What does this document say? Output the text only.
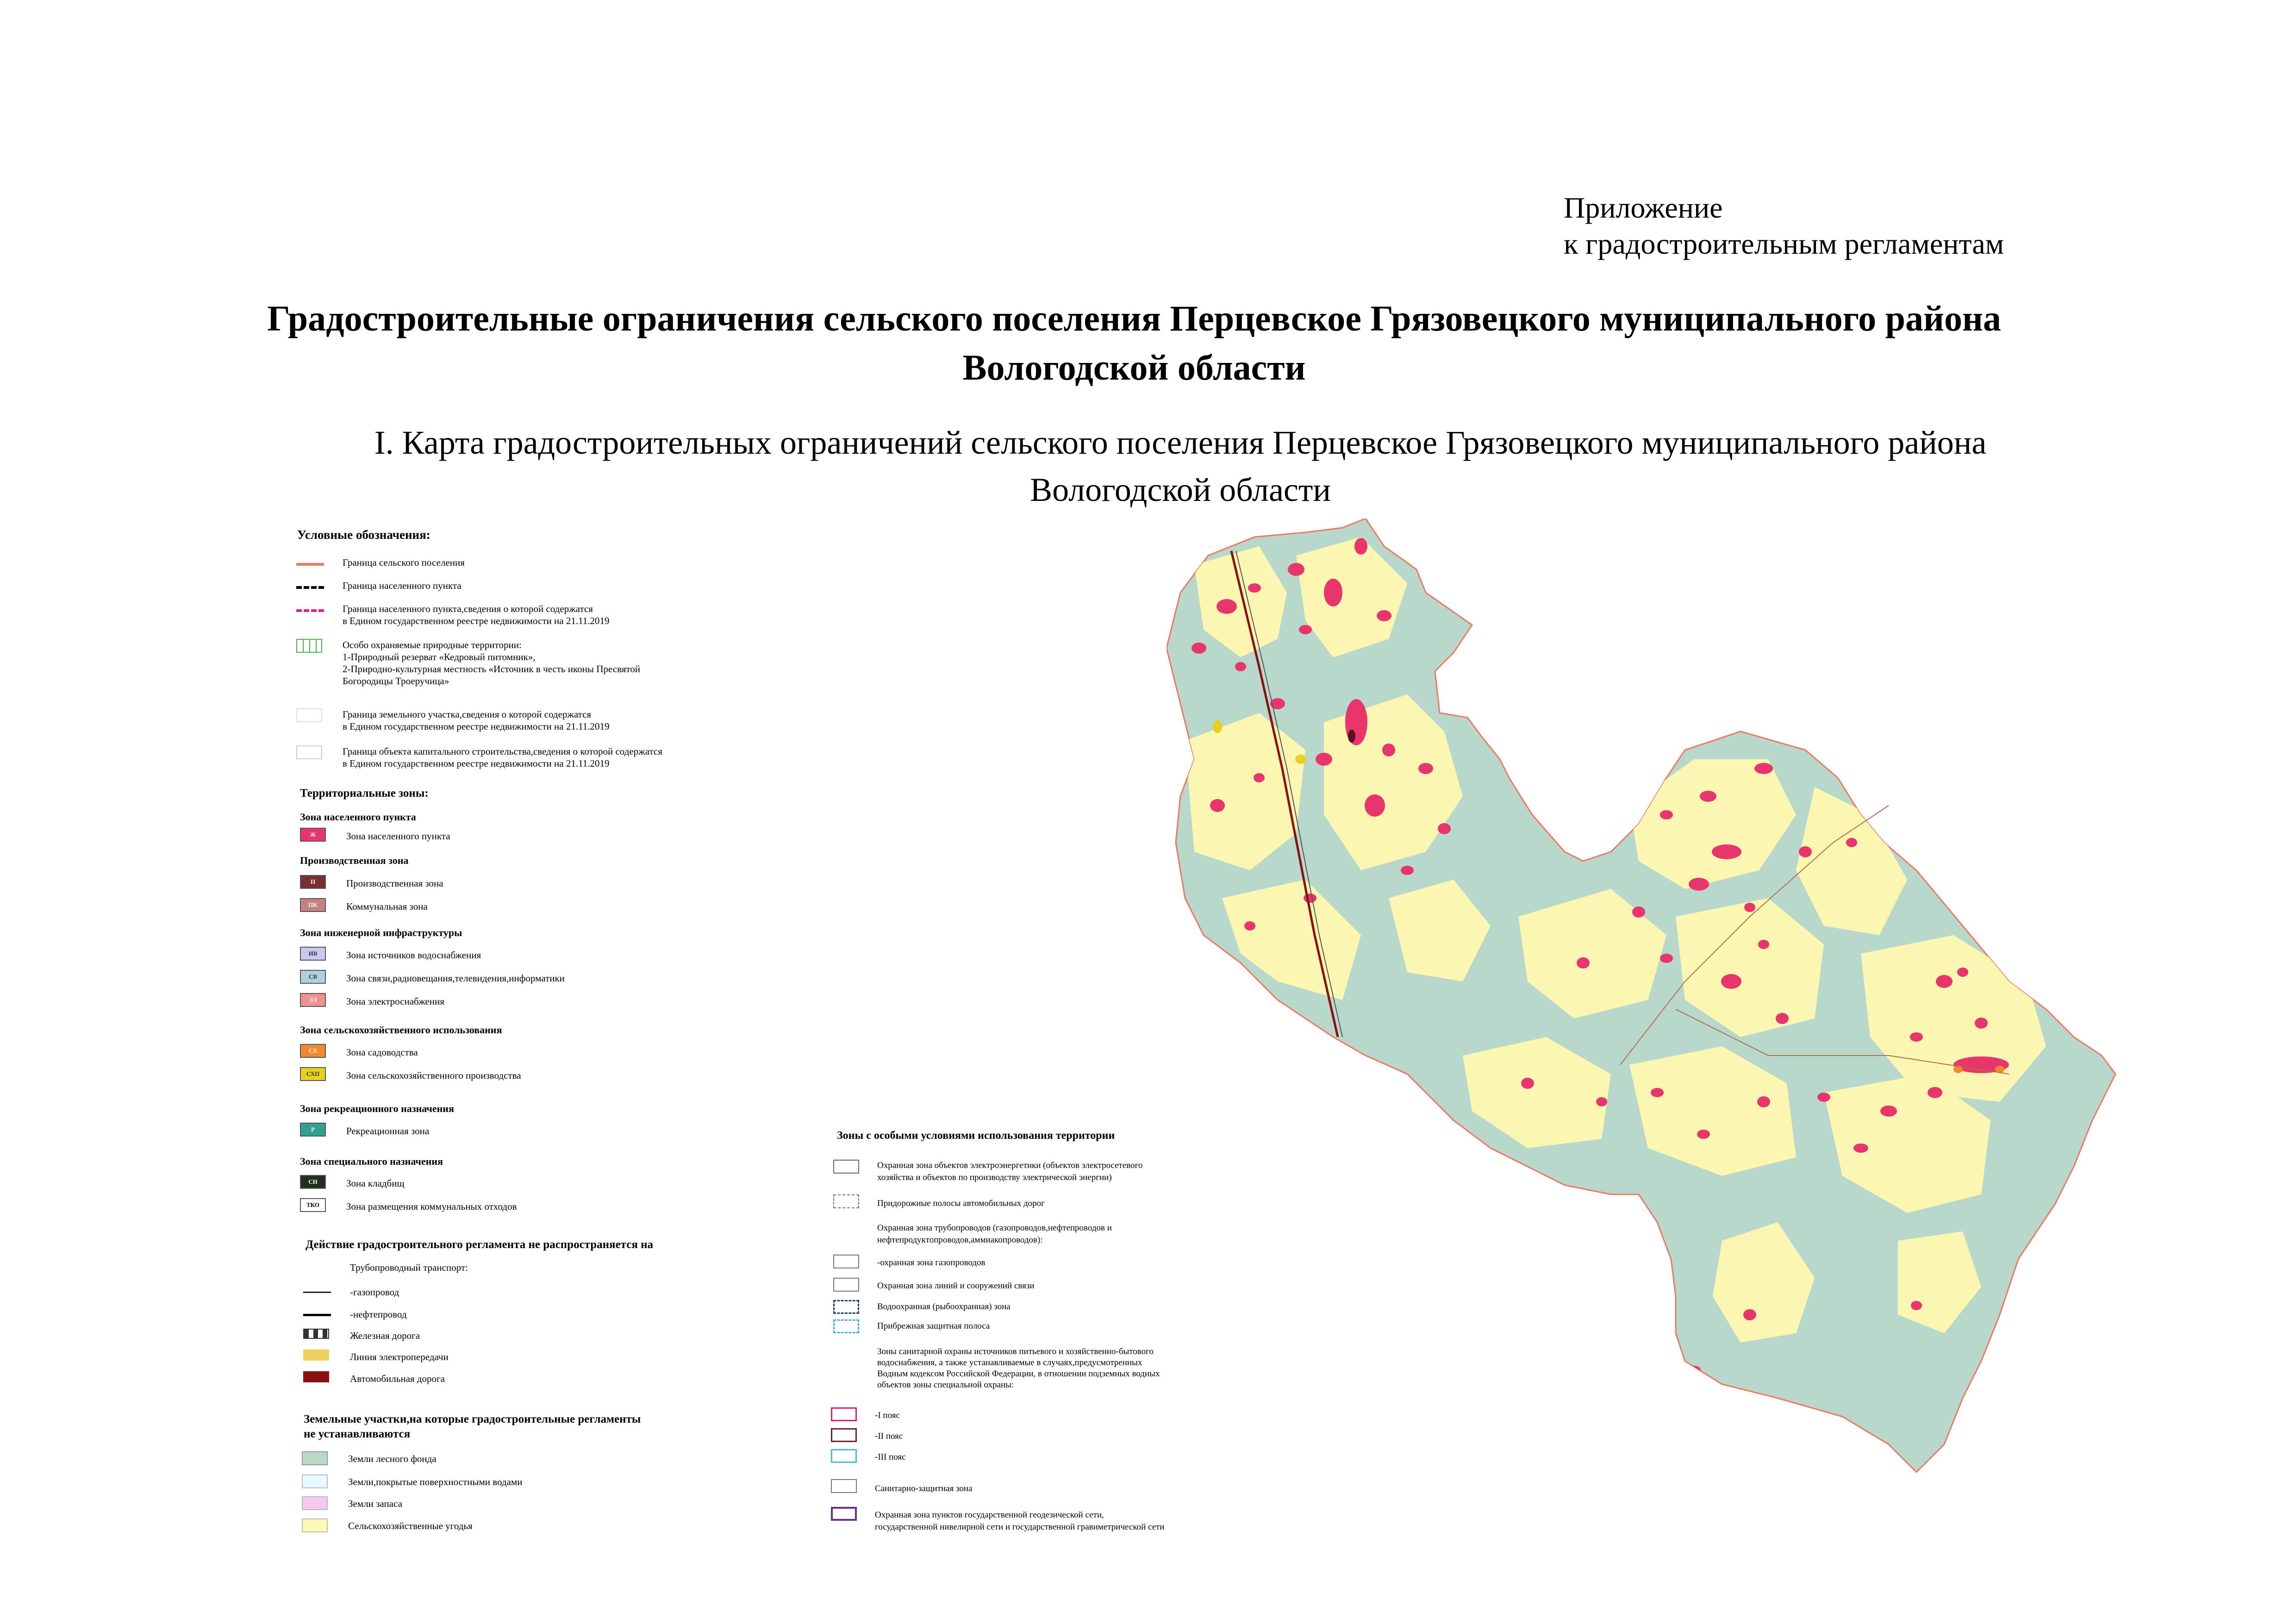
Приложение
к градостроительным регламентам
Градостроительные ограничения сельского поселения Перцевское Грязовецкого муниципального района
Вологодской области
I. Карта градостроительных ограничений сельского поселения Перцевское Грязовецкого муниципального района
Вологодской области
Условные обозначения:
Граница сельского поселения
Граница населенного пункта
Граница населенного пункта,сведения о которой содержатся
в Едином государственном реестре недвижимости на 21.11.2019
Особо охраняемые природные территории:
1-Природный резерват «Кедровый питомник»,
2-Природно-культурная местность «Источник в честь иконы Пресвятой
Богородицы Троеручица»
Граница земельного участка,сведения о которой содержатся
в Едином государственном реестре недвижимости на 21.11.2019
Граница объекта капитального строительства,сведения о которой содержатся
в Едином государственном реестре недвижимости на 21.11.2019
Территориальные зоны:
Зона населенного пункта
Ж	Зона населенного пункта
Производственная зона
П	Производственная зона
ПК	Коммунальная зона
Зона инженерной инфраструктуры
ИВ	Зона источников водоснабжения
СВ	Зона связи,радиовещания,телевидения,информатики
ЭЛ	Зона электроснабжения
Зона сельскохозяйственного использования
СХ	Зона садоводства
СХП	Зона сельскохозяйственного производства
Зона рекреационного назначения
Р	Рекреационная зона
Зона специального назначения
СН	Зона кладбищ
ТКО	Зона размещения коммунальных отходов
Действие градостроительного регламента не распространяется на
Трубопроводный транспорт:
-газопровод
-нефтепровод
Железная дорога
Линия электропередачи
Автомобильная дорога
Земельные участки,на которые градостроительные регламенты
не устанавливаются
Земли лесного фонда
Земли,покрытые поверхностными водами
Земли запаса
Сельскохозяйственные угодья
Зоны с особыми условиями использования территории
Охранная зона объектов электроэнергетики (объектов электросетевого
хозяйства и объектов по производству электрической энергии)
Придорожные полосы автомобильных дорог
Охранная зона трубопроводов (газопроводов,нефтепроводов и
нефтепродуктопроводов,аммиакопроводов):
-охранная зона газопроводов
Охранная зона линий и сооружений связи
Водоохранная (рыбоохранная) зона
Прибрежная защитная полоса
Зоны санитарной охраны источников питьевого и хозяйственно-бытового
водоснабжения, а также устанавливаемые в случаях,предусмотренных
Водным кодексом Российской Федерации, в отношении подземных водных
объектов зоны специальной охраны:
-I пояс
-II пояс
-III пояс
Санитарно-защитная зона
Охранная зона пунктов государственной геодезической сети,
государственной нивелирной сети и государственной гравиметрической сети
